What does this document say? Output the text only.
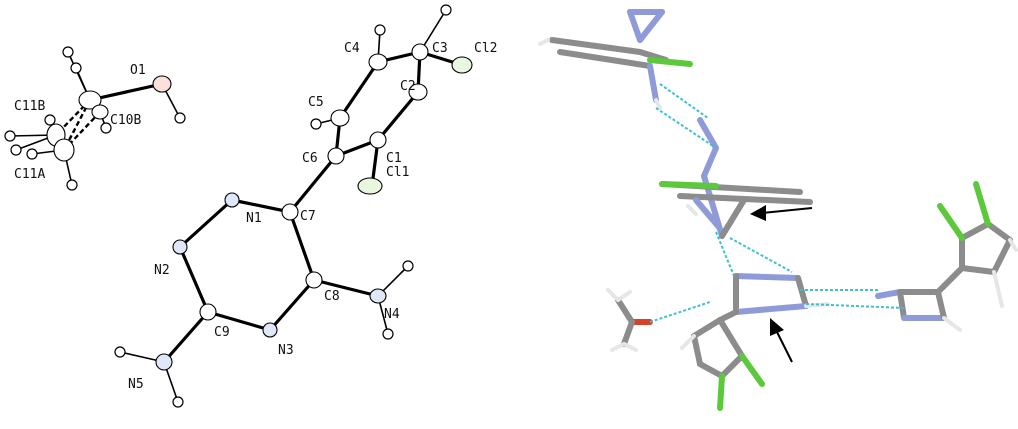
O1
C11B
C10B
C11A
C4	C3 Cl2
C2
C5
C6	C1
Cl1
N1	C7
N2
C8
N4
C9
N3
N5
